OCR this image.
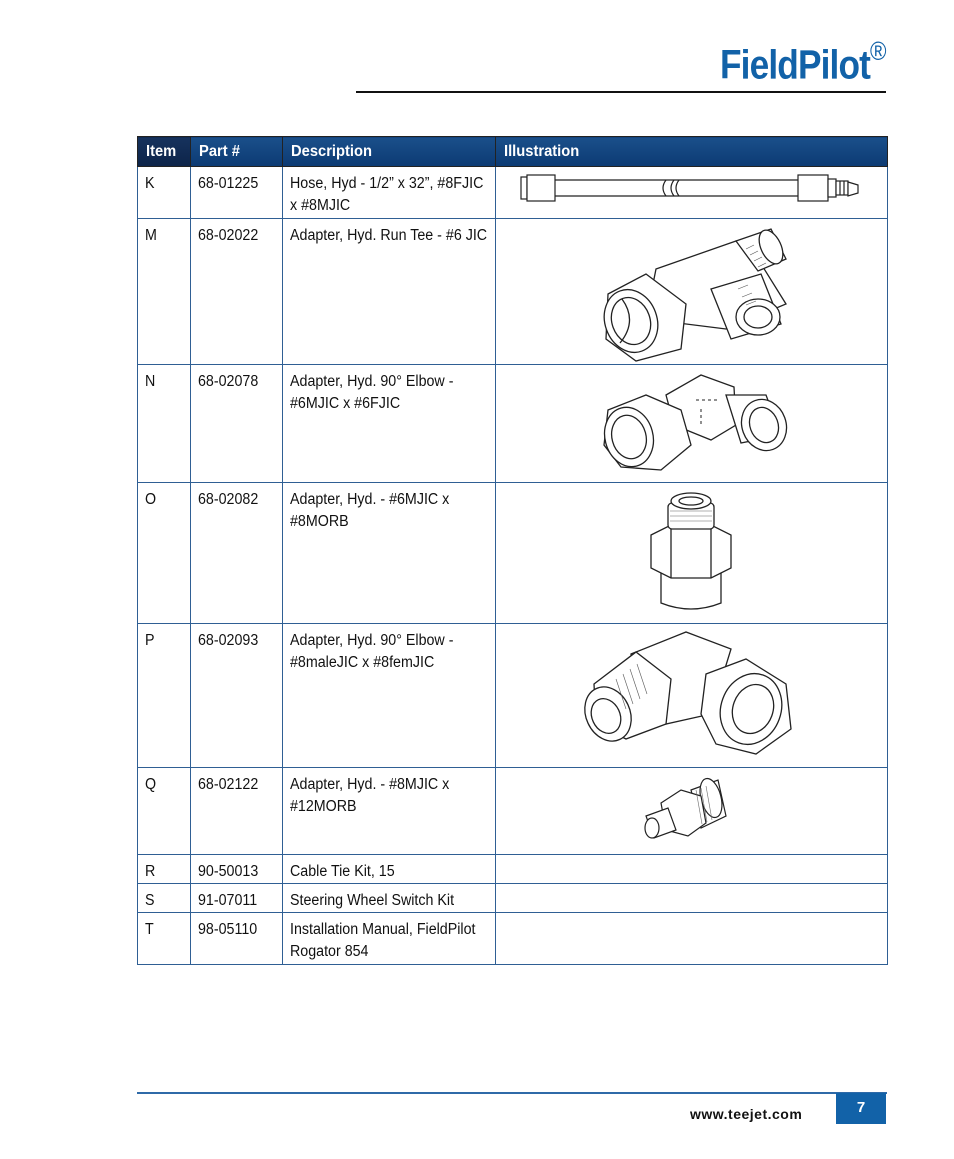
FieldPilot®
Item	Part #	Description	Illustration
K	68-01225	Hose, Hyd - 1/2” x 32”, #8FJIC x #8MJIC

M	68-02022	Adapter, Hyd. Run Tee - #6 JIC

N	68-02078	Adapter, Hyd. 90° Elbow - #6MJIC x #6FJIC

O	68-02082	Adapter, Hyd. - #6MJIC x #8MORB

P	68-02093	Adapter, Hyd. 90° Elbow - #8maleJIC x #8femJIC

Q	68-02122	Adapter, Hyd. - #8MJIC x #12MORB

R	90-50013	Cable Tie Kit, 15	

S	91-07011	Steering Wheel Switch Kit	

T	98-05110	Installation Manual, FieldPilot Rogator 854	

www.teejet.com	7
